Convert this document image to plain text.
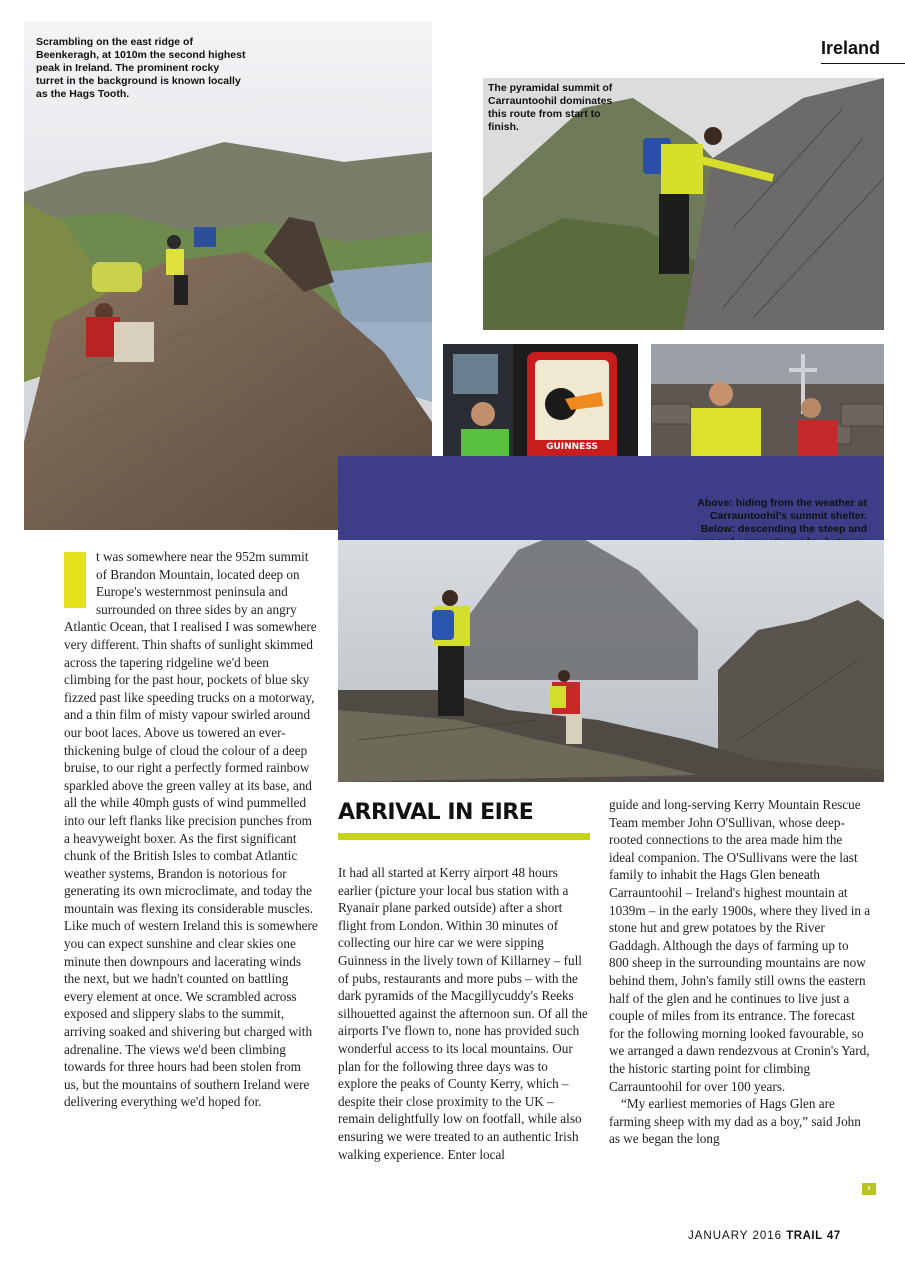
Ireland
Scrambling on the east ridge of Beenkeragh, at 1010m the second highest peak in Ireland. The prominent rocky turret in the background is known locally as the Hags Tooth.	The pyramidal summit of Carrauntoohil dominates this route from start to finish.
GUINNESS
Above: hiding from the weather at Carrauntoohil's summit shelter. Below: descending the steep and

t was somewhere near the 952m summit of Brandon Mountain, located deep on Europe's westernmost peninsula and surrounded on three sides by an angry Atlantic Ocean, that I realised I was somewhere very different. Thin shafts of sunlight skimmed across the tapering ridgeline we'd been climbing for the past hour, pockets of blue sky fizzed past like speeding trucks on a motorway, and a thin film of misty vapour swirled around our boot laces. Above us towered an ever-thickening bulge of cloud the colour of a deep bruise, to our right a perfectly formed rainbow sparkled above the green valley at its base, and all the while 40mph gusts of wind pummelled into our left flanks like precision punches from a heavyweight boxer. As the first significant chunk of the British Isles to combat Atlantic weather systems, Brandon is notorious for generating its own microclimate, and today the mountain was flexing its considerable muscles. Like much of western Ireland this is somewhere you can expect sunshine and clear skies one minute then downpours and lacerating winds the next, but we hadn't counted on battling every element at once. We scrambled across exposed and slippery slabs to the summit, arriving soaked and shivering but charged with adrenaline. The views we'd been climbing towards for three hours had been stolen from us, but the mountains of southern Ireland were delivering everything we'd hoped for.

ARRIVAL IN EIRE

It had all started at Kerry airport 48 hours earlier (picture your local bus station with a Ryanair plane parked outside) after a short flight from London. Within 30 minutes of collecting our hire car we were sipping Guinness in the lively town of Killarney – full of pubs, restaurants and more pubs – with the dark pyramids of the Macgillycuddy's Reeks silhouetted against the afternoon sun. Of all the airports I've flown to, none has provided such wonderful access to its local mountains. Our plan for the following three days was to explore the peaks of County Kerry, which – despite their close proximity to the UK – remain delightfully low on footfall, while also ensuring we were treated to an authentic Irish walking experience. Enter local

guide and long-serving Kerry Mountain Rescue Team member John O'Sullivan, whose deep-rooted connections to the area made him the ideal companion. The O'Sullivans were the last family to inhabit the Hags Glen beneath Carrauntoohil – Ireland's highest mountain at 1039m – in the early 1900s, where they lived in a stone hut and grew potatoes by the River Gaddagh. Although the days of farming up to 800 sheep in the surrounding mountains are now behind them, John's family still owns the eastern half of the glen and he continues to live just a couple of miles from its entrance. The forecast for the following morning looked favourable, so we arranged a dawn rendezvous at Cronin's Yard, the historic starting point for climbing Carrauntoohil for over 100 years.

“My earliest memories of Hags Glen are farming sheep with my dad as a boy,” said John as we began the long

›
JANUARY 2016 TRAIL 47
